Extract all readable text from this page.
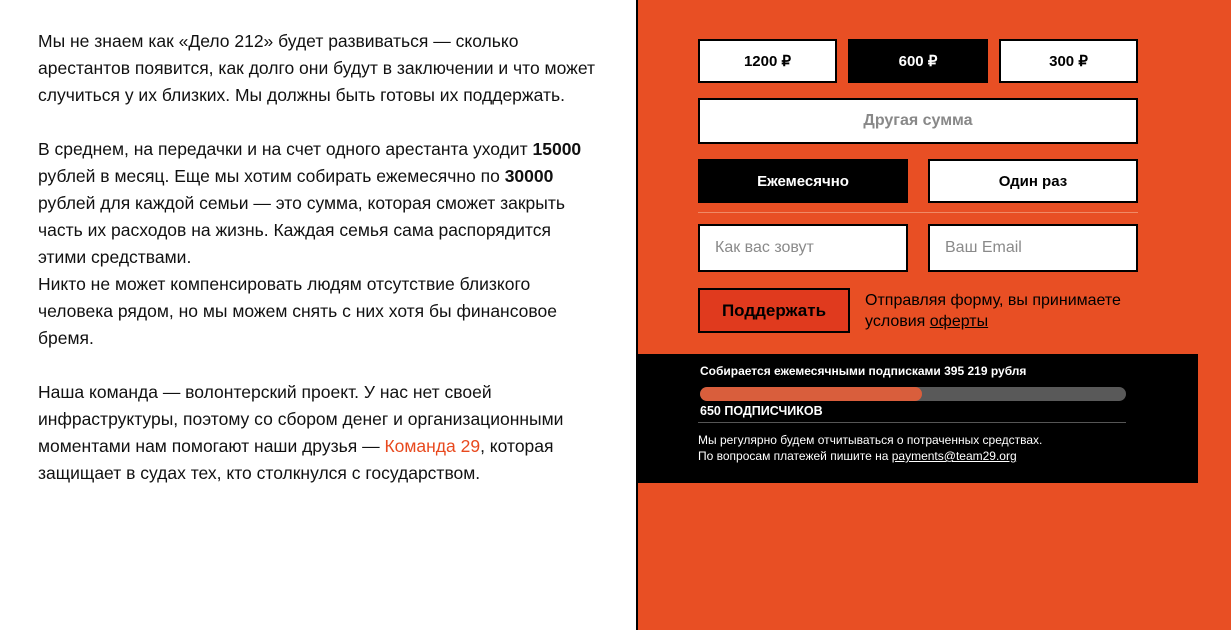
Мы не знаем как «Дело 212» будет развиваться — сколько арестантов появится, как долго они будут в заключении и что может случиться у их близких. Мы должны быть готовы их поддержать.

В среднем, на передачки и на счет одного арестанта уходит 15000 рублей в месяц. Еще мы хотим собирать ежемесячно по 30000 рублей для каждой семьи — это сумма, которая сможет закрыть часть их расходов на жизнь. Каждая семья сама распорядится этими средствами.
Никто не может компенсировать людям отсутствие близкого человека рядом, но мы можем снять с них хотя бы финансовое бремя.

Наша команда — волонтерский проект. У нас нет своей инфраструктуры, поэтому со сбором денег и организационными моментами нам помогают наши друзья — Команда 29, которая защищает в судах тех, кто столкнулся с государством.

1200 ₽	600 ₽	300 ₽
Другая сумма
Ежемесячно	Один раз
Как вас зовут	Ваш Email
Поддержать	Отправляя форму, вы принимаете условия оферты
Собирается ежемесячными подписками 395 219 рубля
650 ПОДПИСЧИКОВ
Мы регулярно будем отчитываться о потраченных средствах.
По вопросам платежей пишите на payments@team29.org
